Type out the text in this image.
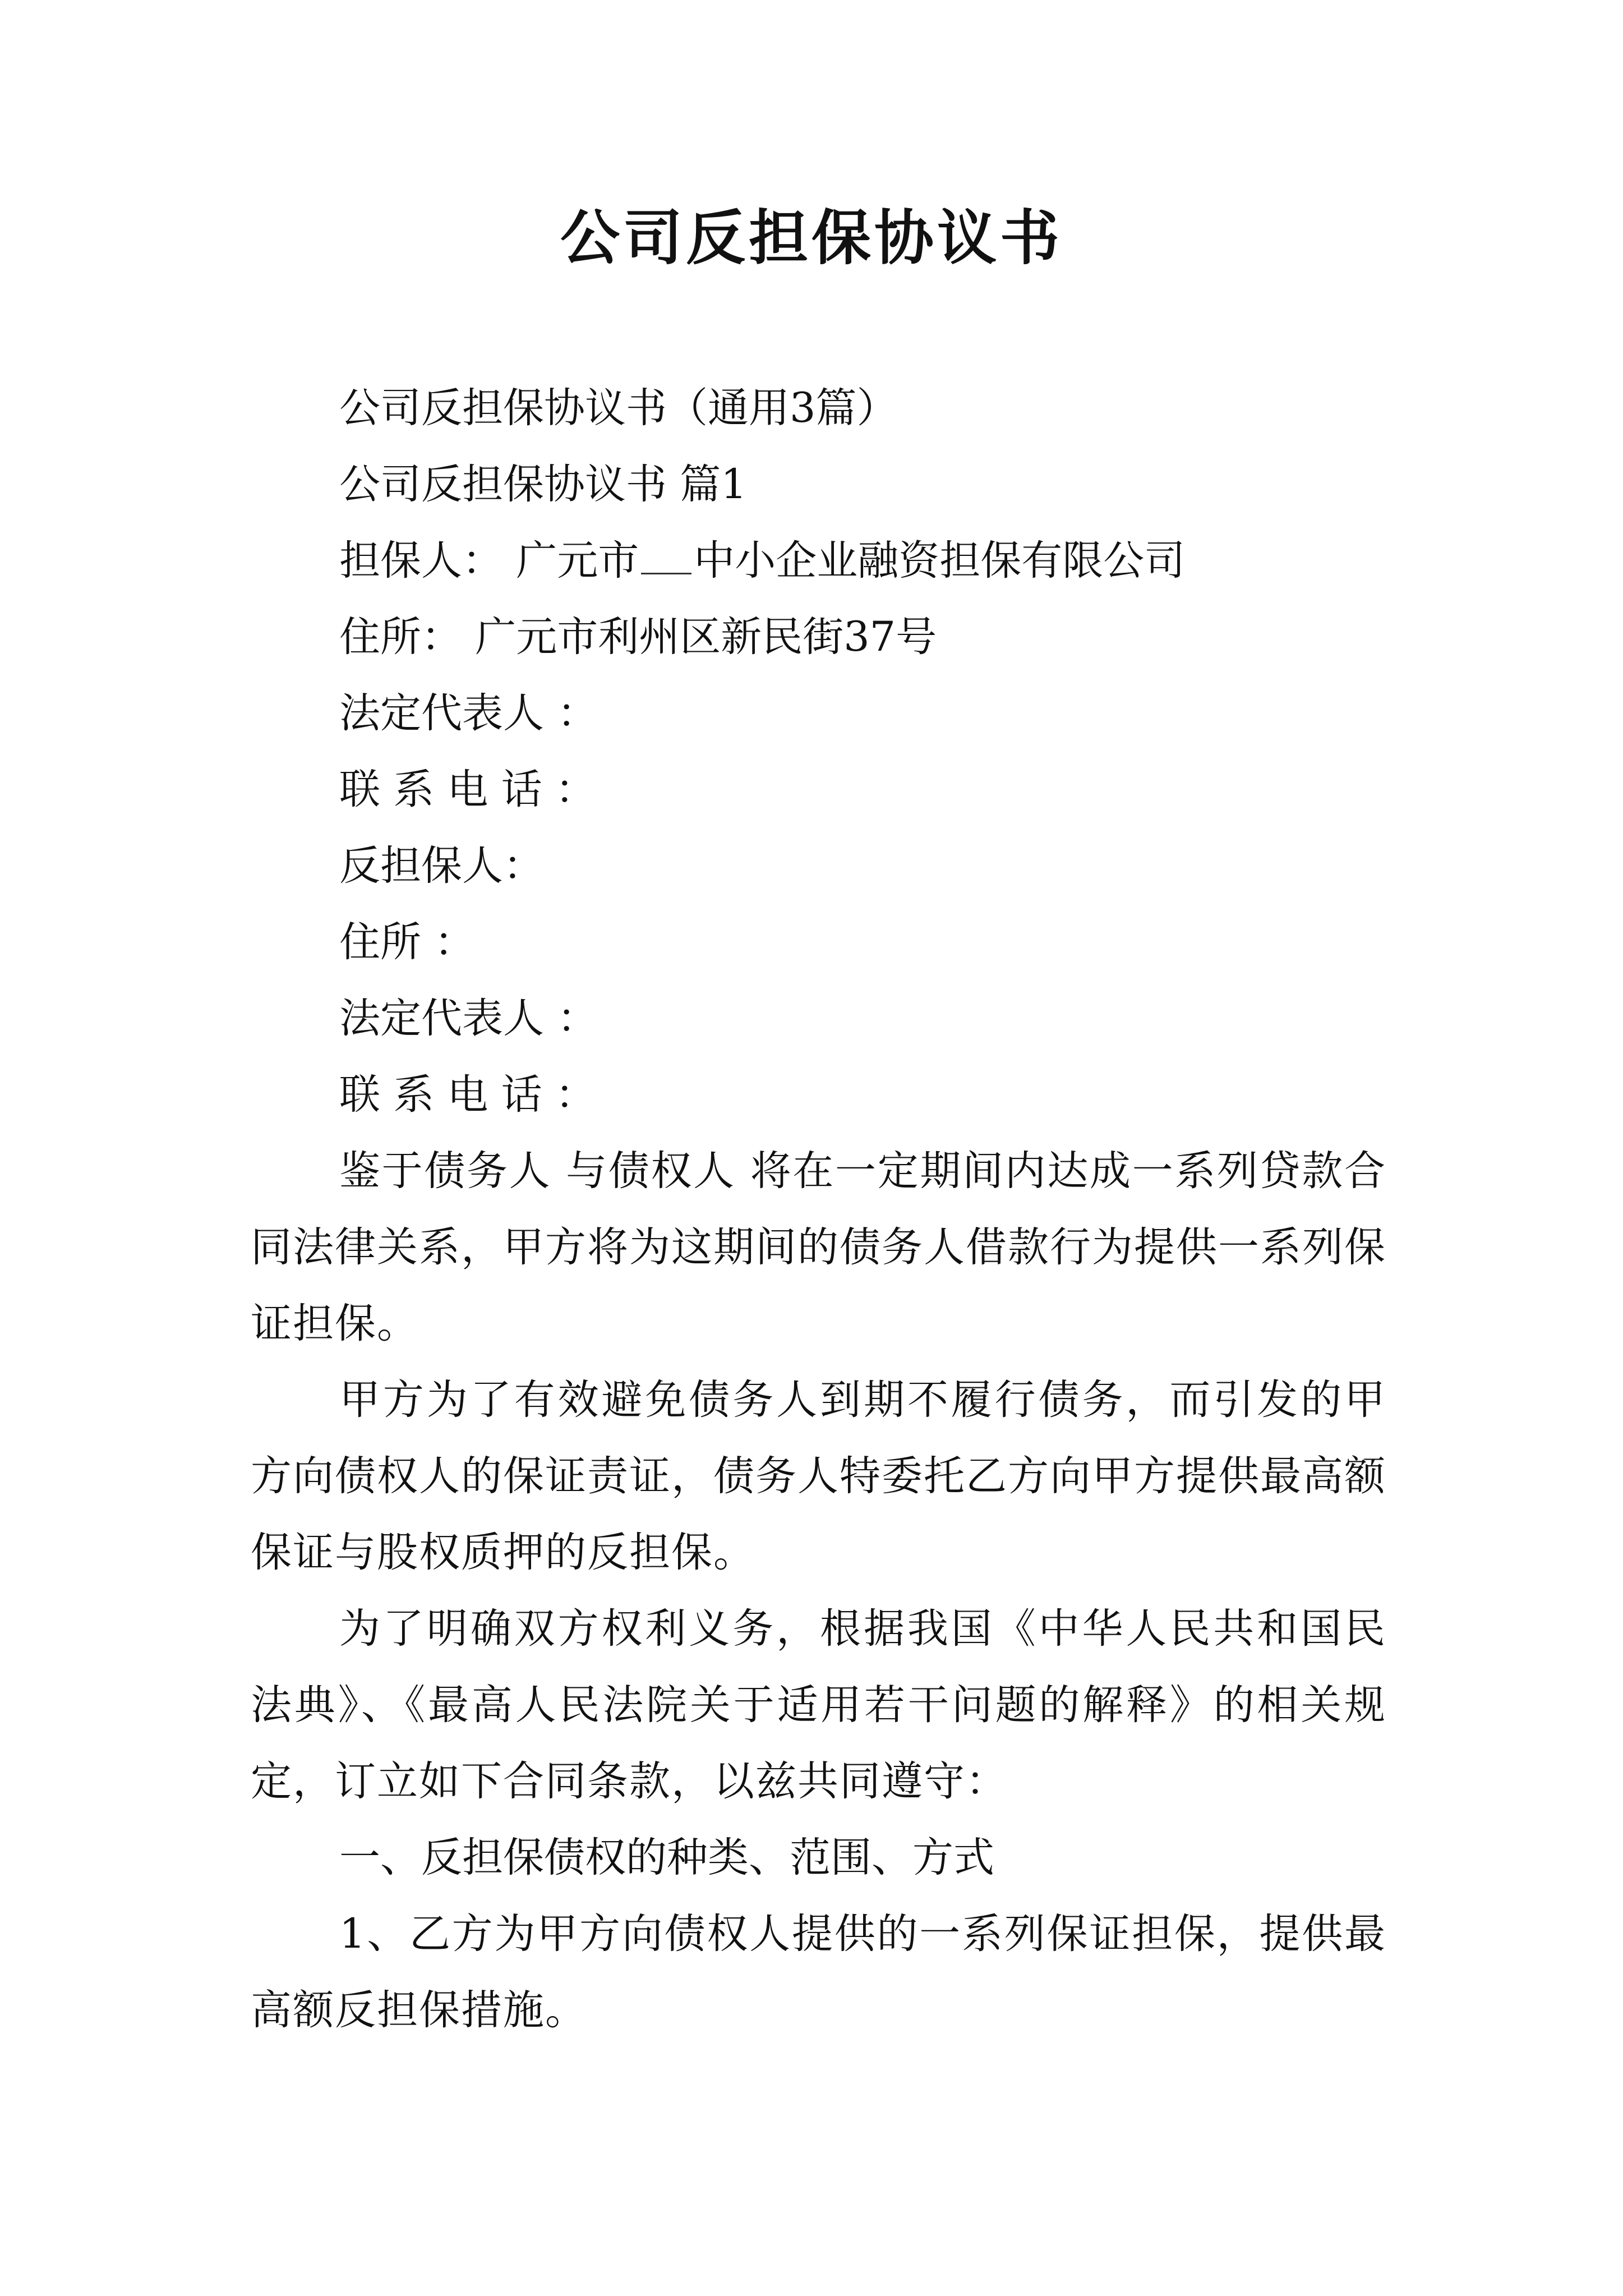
公司反担保协议书

公司反担保协议书（通用3篇）

公司反担保协议书 篇1

担保人： 广元市 中小企业融资担保有限公司

住所： 广元市利州区新民街37号

法定代表人 ：

联 系 电 话 ：

反担保人：

住所 ：

法定代表人 ：

联 系 电 话 ：

鉴于债务人 与债权人 将在一定期间内达成一系列贷款合同法律关系，甲方将为这期间的债务人借款行为提供一系列保证担保。

甲方为了有效避免债务人到期不履行债务，而引发的甲方向债权人的保证责证，债务人特委托乙方向甲方提供最高额保证与股权质押的反担保。

为了明确双方权利义务，根据我国《中华人民共和国民法典》、《最高人民法院关于适用若干问题的解释》的相关规定，订立如下合同条款，以兹共同遵守：

一、反担保债权的种类、范围、方式

1、乙方为甲方向债权人提供的一系列保证担保，提供最高额反担保措施。
